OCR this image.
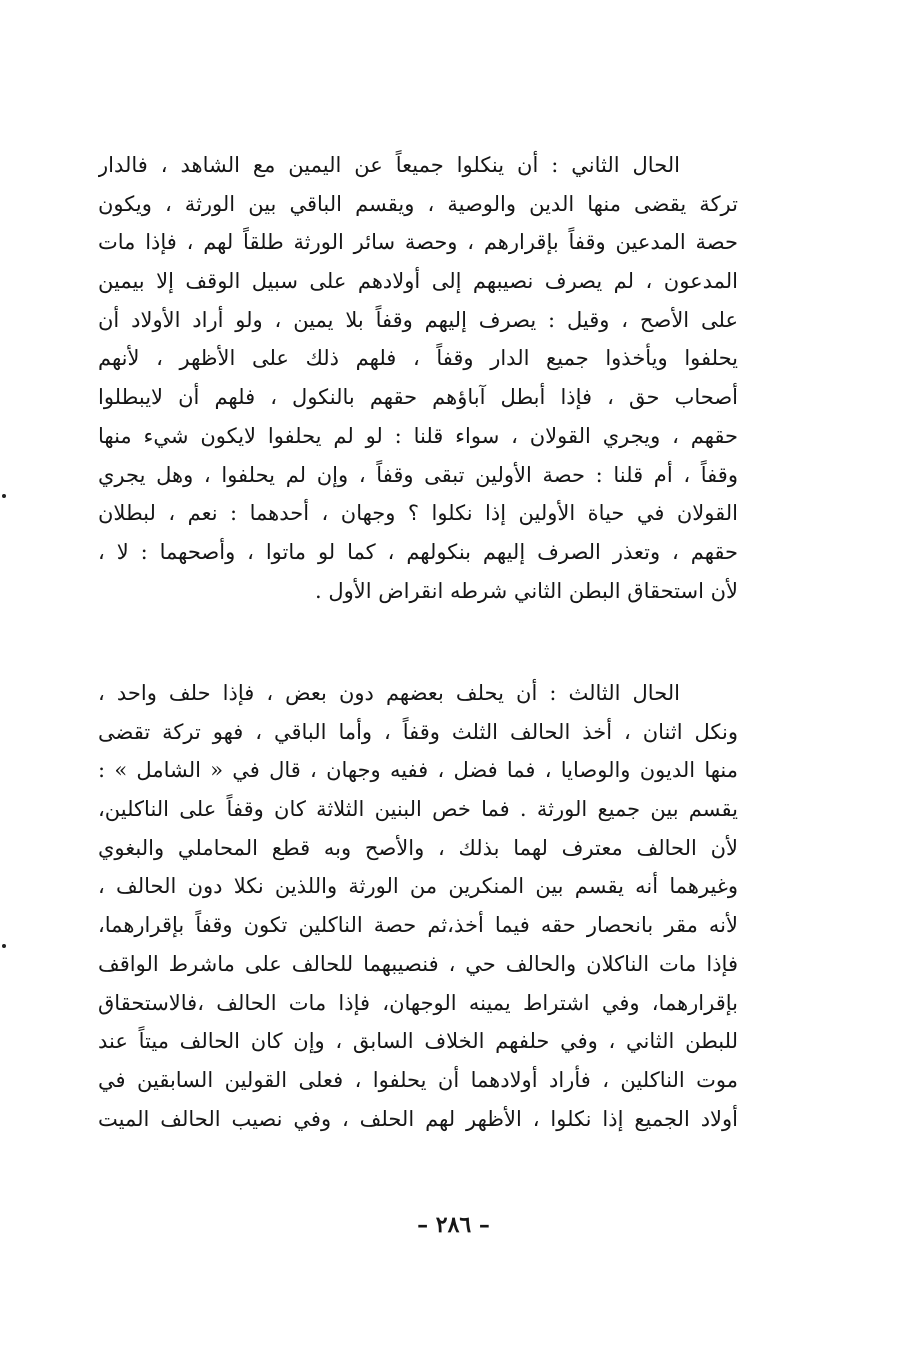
الحال الثاني : أن ينكلوا جميعاً عن اليمين مع الشاهد ، فالدار
تركة يقضى منها الدين والوصية ، ويقسم الباقي بين الورثة ، ويكون
حصة المدعين وقفاً بإقرارهم ، وحصة سائر الورثة طلقاً لهم ، فإذا مات
المدعون ، لم يصرف نصيبهم إلى أولادهم على سبيل الوقف إلا بيمين
على الأصح ، وقيل : يصرف إليهم وقفاً بلا يمين ، ولو أراد الأولاد أن
يحلفوا ويأخذوا جميع الدار وقفاً ، فلهم ذلك على الأظهر ، لأنهم
أصحاب حق ، فإذا أبطل آباؤهم حقهم بالنكول ، فلهم أن لايبطلوا
حقهم ، ويجري القولان ، سواء قلنا : لو لم يحلفوا لايكون شيء منها
وقفاً ، أم قلنا : حصة الأولين تبقى وقفاً ، وإن لم يحلفوا ، وهل يجري
القولان في حياة الأولين إذا نكلوا ؟ وجهان ، أحدهما : نعم ، لبطلان
حقهم ، وتعذر الصرف إليهم بنكولهم ، كما لو ماتوا ، وأصحهما : لا ،
لأن استحقاق البطن الثاني شرطه انقراض الأول .
الحال الثالث : أن يحلف بعضهم دون بعض ، فإذا حلف واحد ،
ونكل اثنان ، أخذ الحالف الثلث وقفاً ، وأما الباقي ، فهو تركة تقضى
منها الديون والوصايا ، فما فضل ، ففيه وجهان ، قال في « الشامل » :
يقسم بين جميع الورثة . فما خص البنين الثلاثة كان وقفاً على الناكلين،
لأن الحالف معترف لهما بذلك ، والأصح وبه قطع المحاملي والبغوي
وغيرهما أنه يقسم بين المنكرين من الورثة واللذين نكلا دون الحالف ،
لأنه مقر بانحصار حقه فيما أخذ،ثم حصة الناكلين تكون وقفاً بإقرارهما،
فإذا مات الناكلان والحالف حي ، فنصيبهما للحالف على ماشرط الواقف
بإقرارهما، وفي اشتراط يمينه الوجهان، فإذا مات الحالف ،فالاستحقاق
للبطن الثاني ، وفي حلفهم الخلاف السابق ، وإن كان الحالف ميتاً عند
موت الناكلين ، فأراد أولادهما أن يحلفوا ، فعلى القولين السابقين في
أولاد الجميع إذا نكلوا ، الأظهر لهم الحلف ، وفي نصيب الحالف الميت
– ٢٨٦ –
